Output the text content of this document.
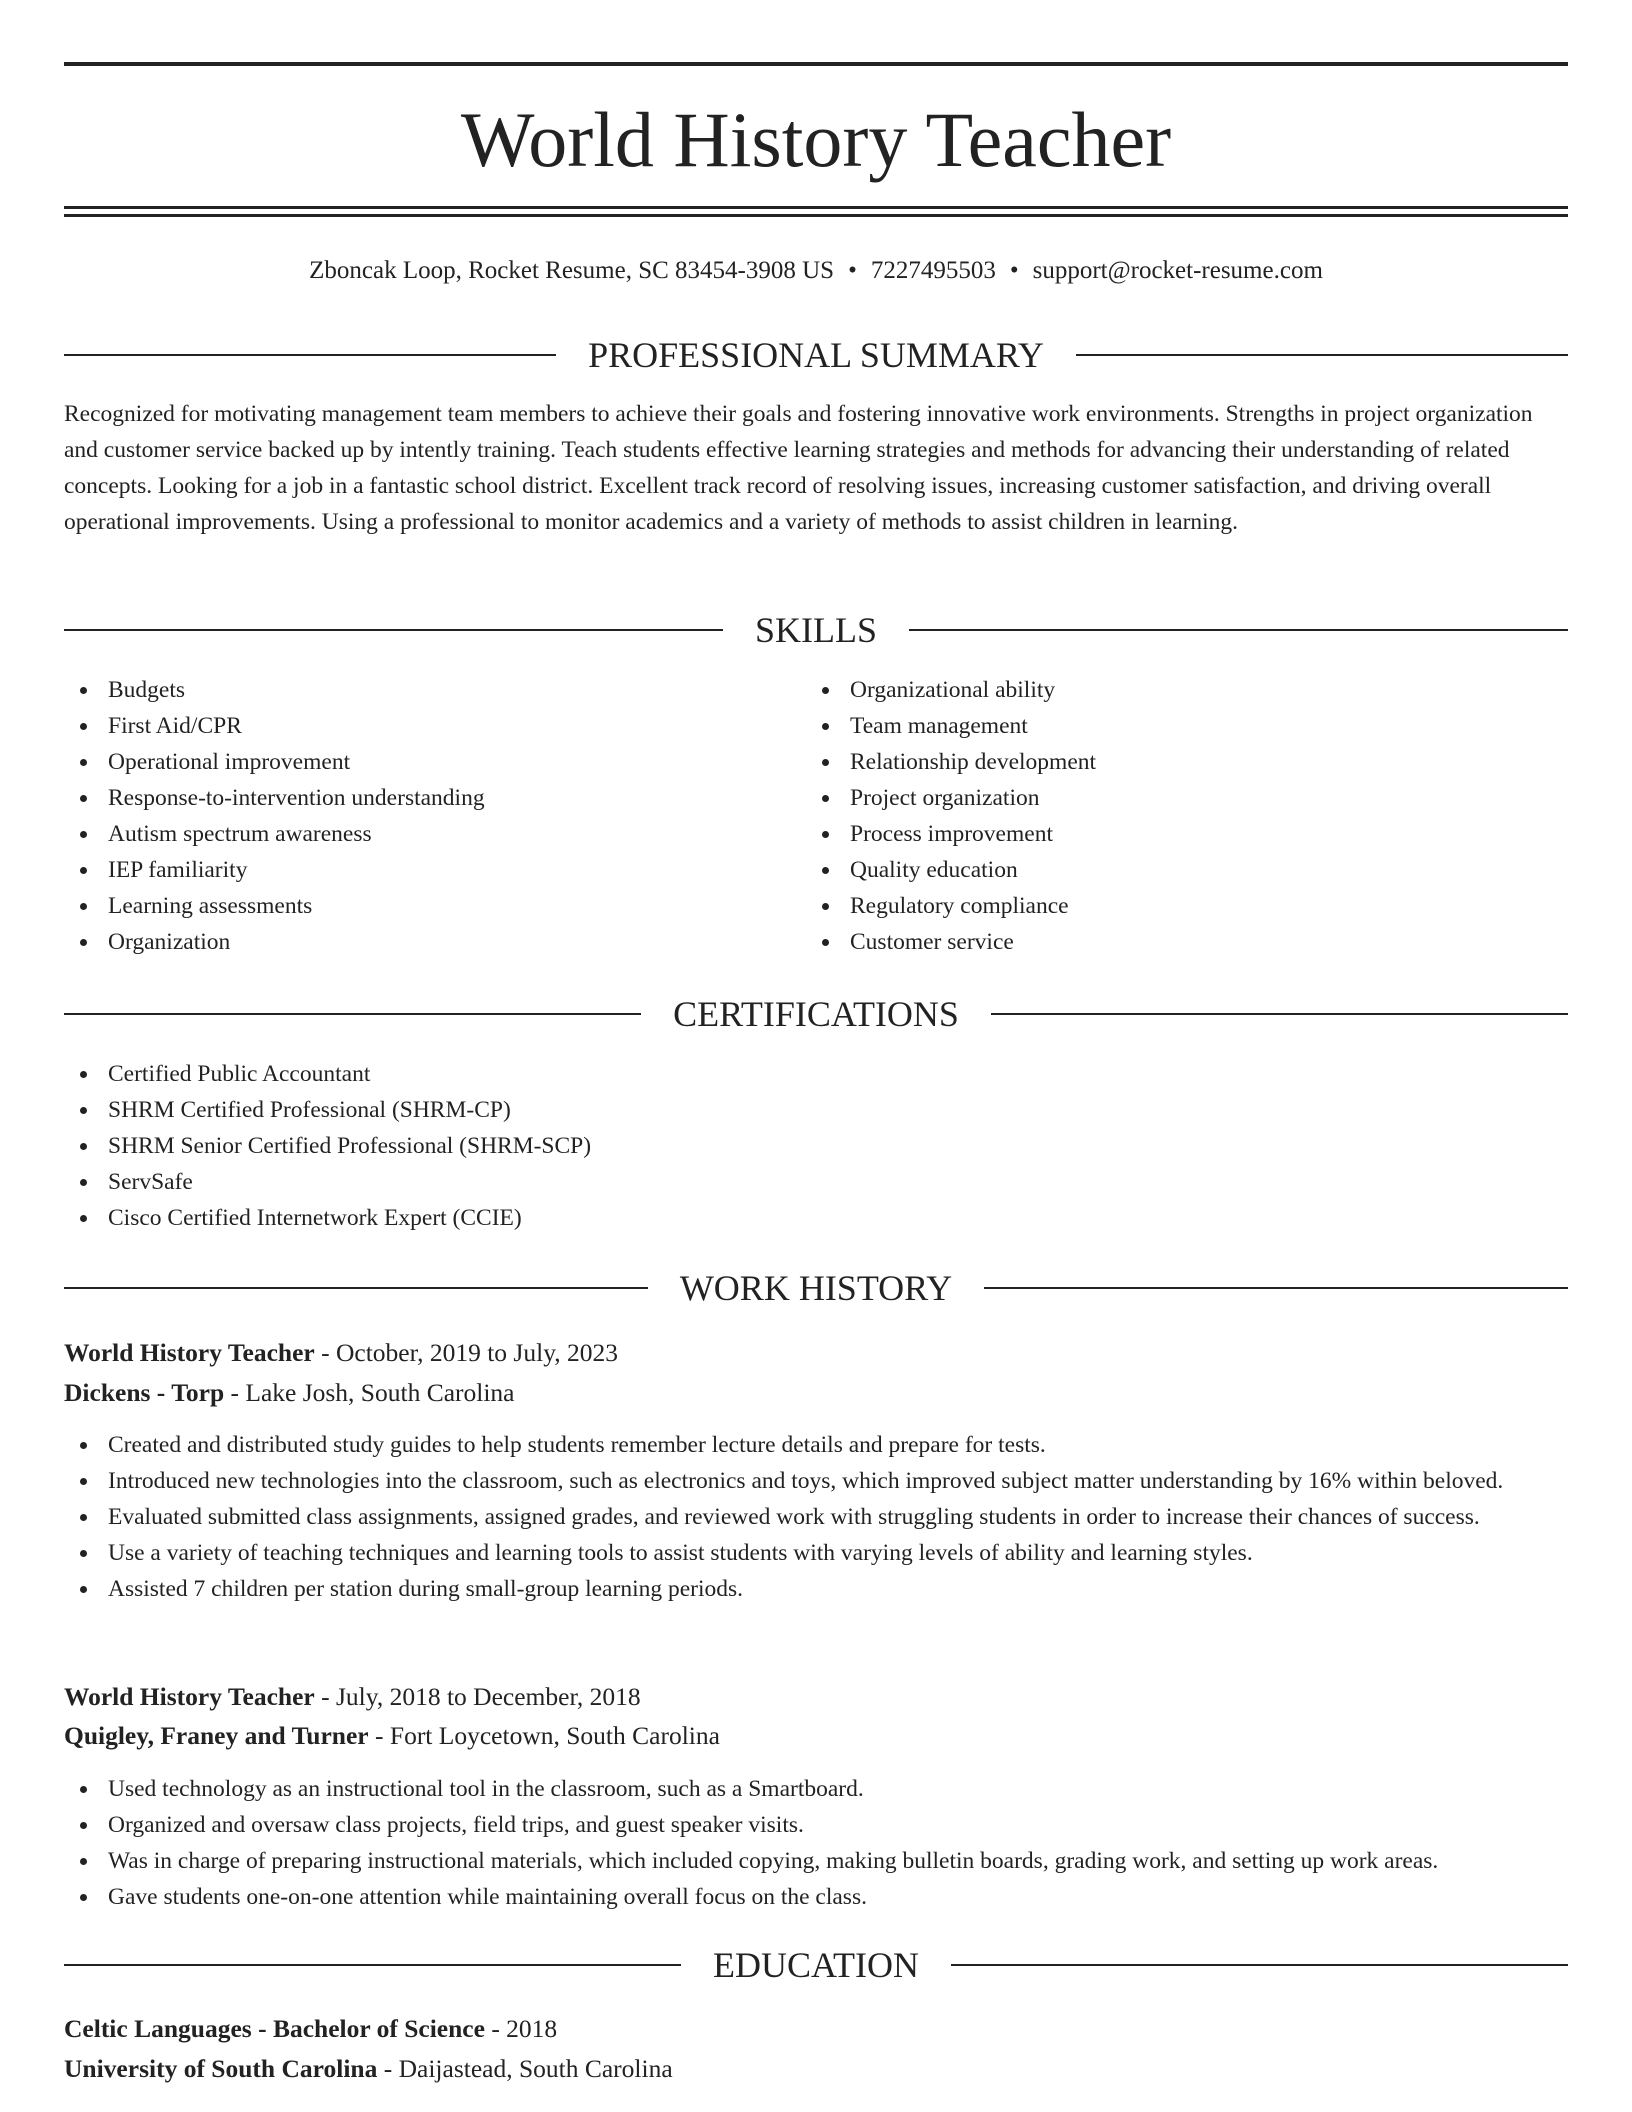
World History Teacher
Zboncak Loop, Rocket Resume, SC 83454-3908 US • 7227495503 • support@rocket-resume.com
PROFESSIONAL SUMMARY

Recognized for motivating management team members to achieve their goals and fostering innovative work environments. Strengths in project organization and customer service backed up by intently training. Teach students effective learning strategies and methods for advancing their understanding of related concepts. Looking for a job in a fantastic school district. Excellent track record of resolving issues, increasing customer satisfaction, and driving overall operational improvements. Using a professional to monitor academics and a variety of methods to assist children in learning.

SKILLS
Budgets
First Aid/CPR
Operational improvement
Response-to-intervention understanding
Autism spectrum awareness
IEP familiarity
Learning assessments
Organization
Organizational ability
Team management
Relationship development
Project organization
Process improvement
Quality education
Regulatory compliance
Customer service
CERTIFICATIONS
Certified Public Accountant
SHRM Certified Professional (SHRM-CP)
SHRM Senior Certified Professional (SHRM-SCP)
ServSafe
Cisco Certified Internetwork Expert (CCIE)
WORK HISTORY
World History Teacher - October, 2019 to July, 2023
Dickens - Torp - Lake Josh, South Carolina
Created and distributed study guides to help students remember lecture details and prepare for tests.
Introduced new technologies into the classroom, such as electronics and toys, which improved subject matter understanding by 16% within beloved.
Evaluated submitted class assignments, assigned grades, and reviewed work with struggling students in order to increase their chances of success.
Use a variety of teaching techniques and learning tools to assist students with varying levels of ability and learning styles.
Assisted 7 children per station during small-group learning periods.
World History Teacher - July, 2018 to December, 2018
Quigley, Franey and Turner - Fort Loycetown, South Carolina
Used technology as an instructional tool in the classroom, such as a Smartboard.
Organized and oversaw class projects, field trips, and guest speaker visits.
Was in charge of preparing instructional materials, which included copying, making bulletin boards, grading work, and setting up work areas.
Gave students one-on-one attention while maintaining overall focus on the class.
EDUCATION
Celtic Languages - Bachelor of Science - 2018
University of South Carolina - Daijastead, South Carolina
